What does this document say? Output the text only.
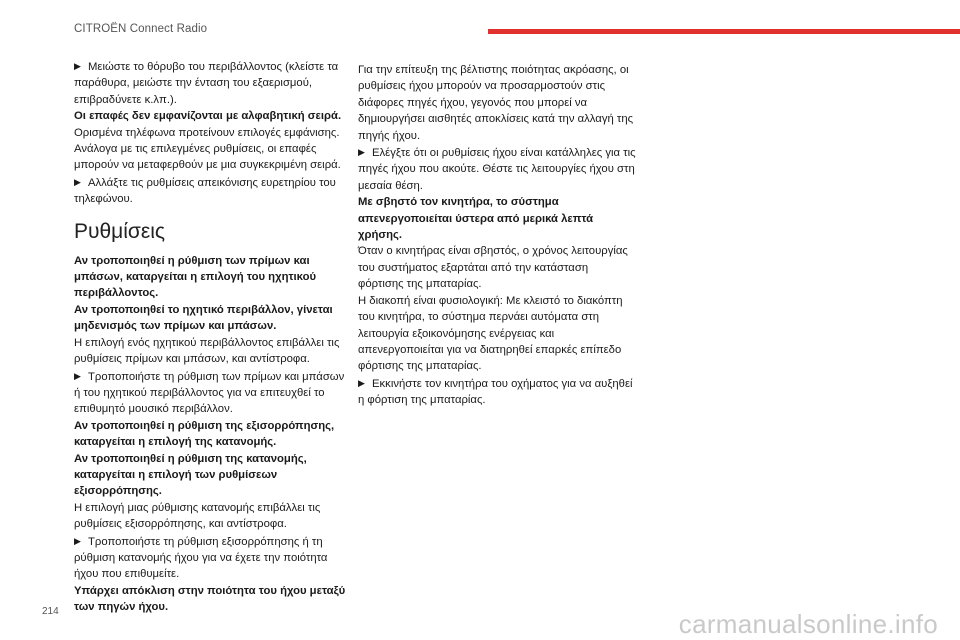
CITROËN Connect Radio

▶ Μειώστε το θόρυβο του περιβάλλοντος (κλείστε τα παράθυρα, μειώστε την ένταση του εξαερισμού, επιβραδύνετε κ.λπ.).

Οι επαφές δεν εμφανίζονται με αλφαβητική σειρά.

Ορισμένα τηλέφωνα προτείνουν επιλογές εμφάνισης. Ανάλογα με τις επιλεγμένες ρυθμίσεις, οι επαφές μπορούν να μεταφερθούν με μια συγκεκριμένη σειρά.

▶ Αλλάξτε τις ρυθμίσεις απεικόνισης ευρετηρίου του τηλεφώνου.

Ρυθμίσεις

Αν τροποποιηθεί η ρύθμιση των πρίμων και μπάσων, καταργείται η επιλογή του ηχητικού περιβάλλοντος.

Αν τροποποιηθεί το ηχητικό περιβάλλον, γίνεται μηδενισμός των πρίμων και μπάσων.

Η επιλογή ενός ηχητικού περιβάλλοντος επιβάλλει τις ρυθμίσεις πρίμων και μπάσων, και αντίστροφα.

▶ Τροποποιήστε τη ρύθμιση των πρίμων και μπάσων ή του ηχητικού περιβάλλοντος για να επιτευχθεί το επιθυμητό μουσικό περιβάλλον.

Αν τροποποιηθεί η ρύθμιση της εξισορρόπησης, καταργείται η επιλογή της κατανομής.

Αν τροποποιηθεί η ρύθμιση της κατανομής, καταργείται η επιλογή των ρυθμίσεων εξισορρόπησης.

Η επιλογή μιας ρύθμισης κατανομής επιβάλλει τις ρυθμίσεις εξισορρόπησης, και αντίστροφα.

▶ Τροποποιήστε τη ρύθμιση εξισορρόπησης ή τη ρύθμιση κατανομής ήχου για να έχετε την ποιότητα ήχου που επιθυμείτε.

Υπάρχει απόκλιση στην ποιότητα του ήχου μεταξύ των πηγών ήχου.

Για την επίτευξη της βέλτιστης ποιότητας ακρόασης, οι ρυθμίσεις ήχου μπορούν να προσαρμοστούν στις διάφορες πηγές ήχου, γεγονός που μπορεί να δημιουργήσει αισθητές αποκλίσεις κατά την αλλαγή της πηγής ήχου.

▶ Ελέγξτε ότι οι ρυθμίσεις ήχου είναι κατάλληλες για τις πηγές ήχου που ακούτε. Θέστε τις λειτουργίες ήχου στη μεσαία θέση.

Με σβηστό τον κινητήρα, το σύστημα απενεργοποιείται ύστερα από μερικά λεπτά χρήσης.

Όταν ο κινητήρας είναι σβηστός, ο χρόνος λειτουργίας του συστήματος εξαρτάται από την κατάσταση φόρτισης της μπαταρίας.

Η διακοπή είναι φυσιολογική: Με κλειστό το διακόπτη του κινητήρα, το σύστημα περνάει αυτόματα στη λειτουργία εξοικονόμησης ενέργειας και απενεργοποιείται για να διατηρηθεί επαρκές επίπεδο φόρτισης της μπαταρίας.

▶ Εκκινήστε τον κινητήρα του οχήματος για να αυξηθεί η φόρτιση της μπαταρίας.

214	carmanualsonline.info
